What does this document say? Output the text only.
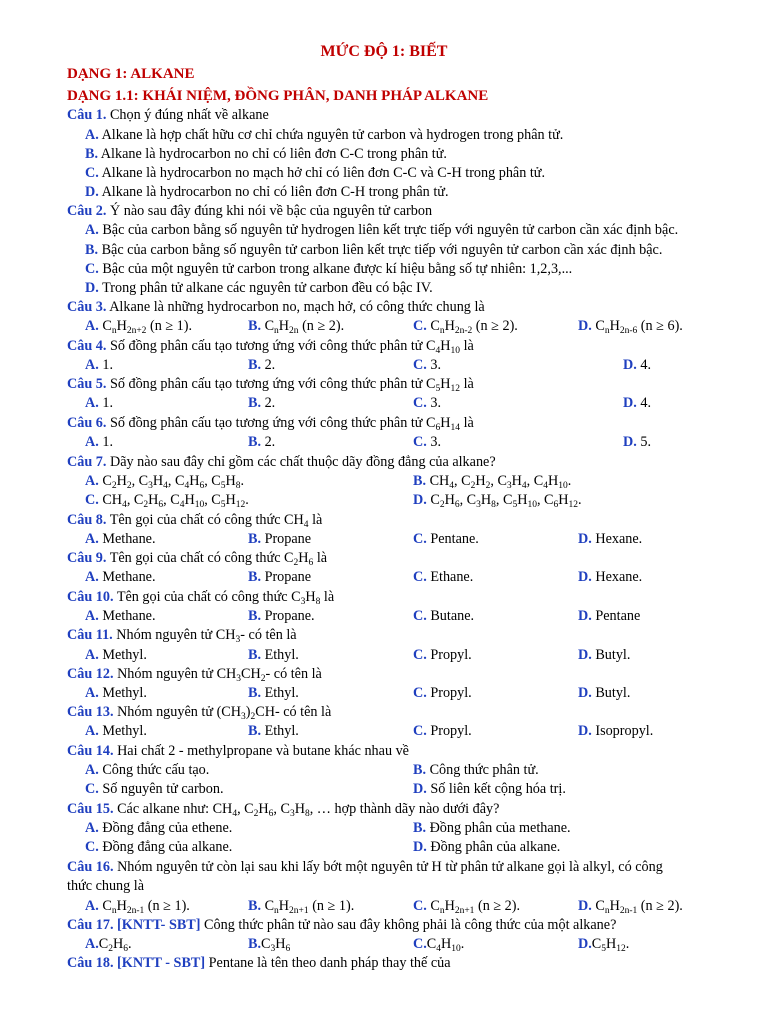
MỨC ĐỘ 1: BIẾT
DẠNG 1: ALKANE
DẠNG 1.1: KHÁI NIỆM, ĐỒNG PHÂN, DANH PHÁP ALKANE
Câu 1. Chọn ý đúng nhất về alkane
A. Alkane là hợp chất hữu cơ chỉ chứa nguyên tử carbon và hydrogen trong phân tử.
B. Alkane là hydrocarbon no chỉ có liên đơn C-C trong phân tử.
C. Alkane là hydrocarbon no mạch hở chỉ có liên đơn C-C và C-H trong phân tử.
D. Alkane là hydrocarbon no chỉ có liên đơn C-H trong phân tử.
Câu 2. Ý nào sau đây đúng khi nói về bậc của nguyên tử carbon
A. Bậc của carbon bằng số nguyên tử hydrogen liên kết trực tiếp với nguyên tử carbon cần xác định bậc.
B. Bậc của carbon bằng số nguyên tử carbon liên kết trực tiếp với nguyên tử carbon cần xác định bậc.
C. Bậc của một nguyên tử carbon trong alkane được kí hiệu bằng số tự nhiên: 1,2,3,...
D. Trong phân tử alkane các nguyên tử carbon đều có bậc IV.
Câu 3. Alkane là những hydrocarbon no, mạch hở, có công thức chung là
A. $C_nH_{2n+2}$ (n ≥ 1).	B. $C_nH_{2n}$ (n ≥ 2).	C. $C_nH_{2n-2}$ (n ≥ 2).	D. $C_nH_{2n-6}$ (n ≥ 6).
Câu 4. Số đồng phân cấu tạo tương ứng với công thức phân tử $C_4H_{10}$ là
A. 1.	B. 2.	C. 3.	D. 4.
Câu 5. Số đồng phân cấu tạo tương ứng với công thức phân tử $C_5H_{12}$ là
A. 1.	B. 2.	C. 3.	D. 4.
Câu 6. Số đồng phân cấu tạo tương ứng với công thức phân tử $C_6H_{14}$ là
A. 1.	B. 2.	C. 3.	D. 5.
Câu 7. Dãy nào sau đây chỉ gồm các chất thuộc dãy đồng đẳng của alkane?
A. $C_2H_2$, $C_3H_4$, $C_4H_6$, $C_5H_8$.	B. $CH_4$, $C_2H_2$, $C_3H_4$, $C_4H_{10}$.
C. $CH_4$, $C_2H_6$, $C_4H_{10}$, $C_5H_{12}$.	D. $C_2H_6$, $C_3H_8$, $C_5H_{10}$, $C_6H_{12}$.
Câu 8. Tên gọi của chất có công thức $CH_4$ là
A. Methane.	B. Propane	C. Pentane.	D. Hexane.
Câu 9. Tên gọi của chất có công thức $C_2H_6$ là
A. Methane.	B. Propane	C. Ethane.	D. Hexane.
Câu 10. Tên gọi của chất có công thức $C_3H_8$ là
A. Methane.	B. Propane.	C. Butane.	D. Pentane
Câu 11. Nhóm nguyên tử $CH_3-$ có tên là
A. Methyl.	B. Ethyl.	C. Propyl.	D. Butyl.
Câu 12. Nhóm nguyên tử $CH_3CH_2-$ có tên là
A. Methyl.	B. Ethyl.	C. Propyl.	D. Butyl.
Câu 13. Nhóm nguyên tử $(CH_3)_2CH-$ có tên là
A. Methyl.	B. Ethyl.	C. Propyl.	D. Isopropyl.
Câu 14. Hai chất 2 - methylpropane và butane khác nhau về
A. Công thức cấu tạo.	B. Công thức phân tử.
C. Số nguyên tử carbon.	D. Số liên kết cộng hóa trị.
Câu 15. Các alkane như: $CH_4$, $C_2H_6$, $C_3H_8$, … hợp thành dãy nào dưới đây?
A. Đồng đẳng của ethene.	B. Đồng phân của methane.
C. Đồng đẳng của alkane.	D. Đồng phân của alkane.
Câu 16. Nhóm nguyên tử còn lại sau khi lấy bớt một nguyên tử H từ phân tử alkane gọi là alkyl, có công
thức chung là
A. $C_nH_{2n-1}$ (n ≥ 1).	B. $C_nH_{2n+1}$ (n ≥ 1).	C. $C_nH_{2n+1}$ (n ≥ 2).	D. $C_nH_{2n-1}$ (n ≥ 2).
Câu 17. [KNTT- SBT] Công thức phân tử nào sau đây không phải là công thức của một alkane?
$A.C_2H_6$.	$B.C_3H_6$	$C.C_4H_{10}$.	$D.C_5H_{12}$.
Câu 18. [KNTT - SBT] Pentane là tên theo danh pháp thay thế của
